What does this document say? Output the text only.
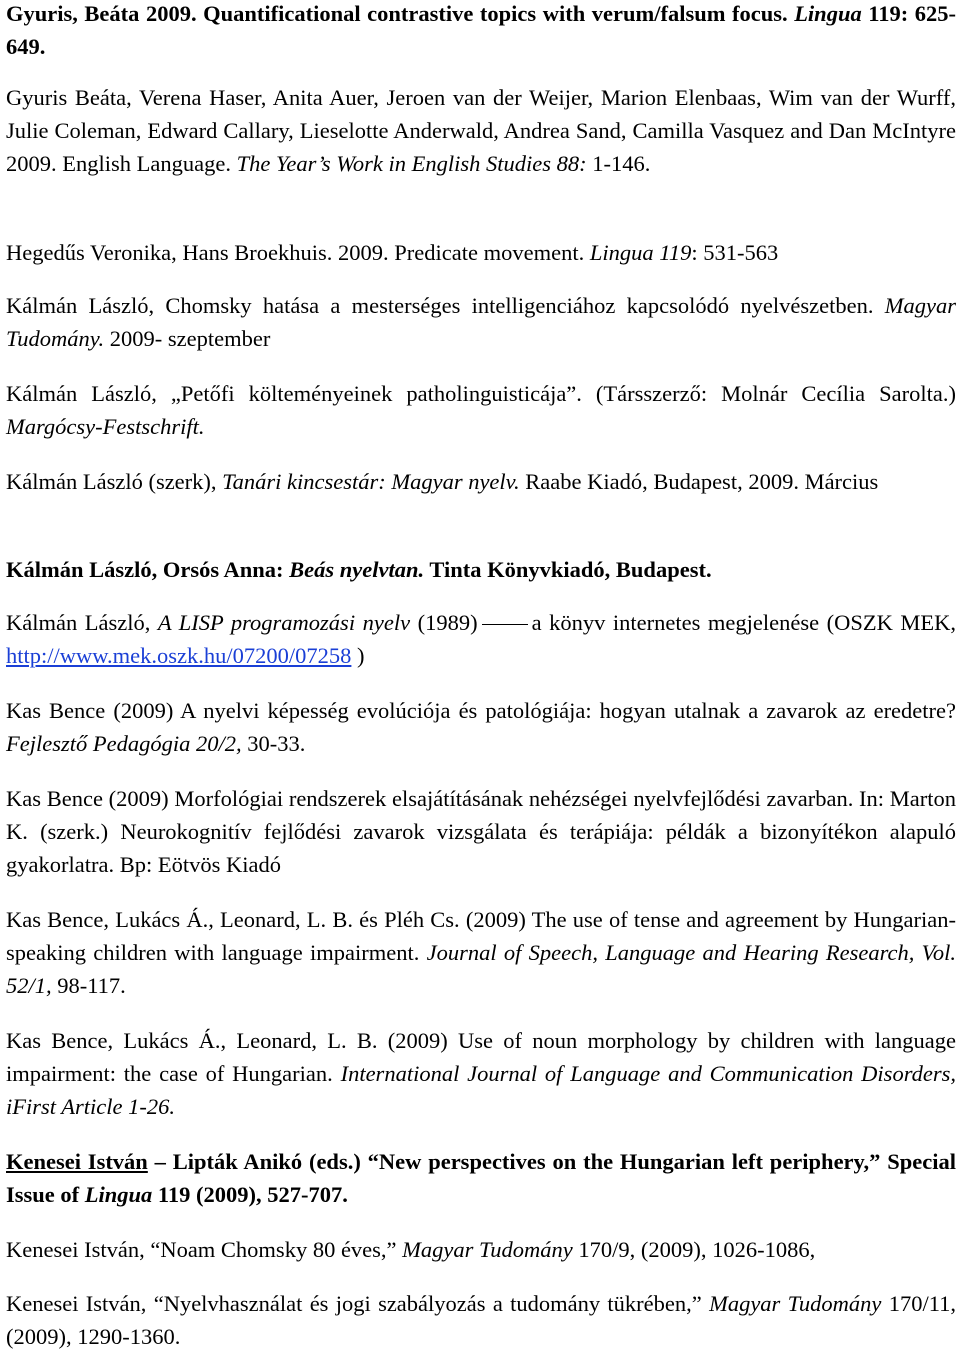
Gyuris, Beáta 2009. Quantificational contrastive topics with verum/falsum focus. Lingua 119: 625-649.

Gyuris Beáta, Verena Haser, Anita Auer, Jeroen van der Weijer, Marion Elenbaas, Wim van der Wurff, Julie Coleman, Edward Callary, Lieselotte Anderwald, Andrea Sand, Camilla Vasquez and Dan McIntyre 2009. English Language. The Year’s Work in English Studies 88: 1-146.

Hegedűs Veronika, Hans Broekhuis. 2009. Predicate movement. Lingua 119: 531-563

Kálmán László, Chomsky hatása a mesterséges intelligenciához kapcsolódó nyelvészetben. Magyar Tudomány. 2009- szeptember

Kálmán László, „Petőfi költeményeinek patholinguisticája”. (Társszerző: Molnár Cecília Sarolta.) Margócsy-Festschrift.

Kálmán László (szerk), Tanári kincsestár: Magyar nyelv. Raabe Kiadó, Budapest, 2009. Március

Kálmán László, Orsós Anna: Beás nyelvtan. Tinta Könyvkiadó, Budapest.

Kálmán László, A LISP programozási nyelv (1989) a könyv internetes megjelenése (OSZK MEK, http://www.mek.oszk.hu/07200/07258 )

Kas Bence (2009) A nyelvi képesség evolúciója és patológiája: hogyan utalnak a zavarok az eredetre? Fejlesztő Pedagógia 20/2, 30-33.

Kas Bence (2009) Morfológiai rendszerek elsajátításának nehézségei nyelvfejlődési zavarban. In: Marton K. (szerk.) Neurokognitív fejlődési zavarok vizsgálata és terápiája: példák a bizonyítékon alapuló gyakorlatra. Bp: Eötvös Kiadó

Kas Bence, Lukács Á., Leonard, L. B. és Pléh Cs. (2009) The use of tense and agreement by Hungarian-speaking children with language impairment. Journal of Speech, Language and Hearing Research, Vol. 52/1, 98-117.

Kas Bence, Lukács Á., Leonard, L. B. (2009) Use of noun morphology by children with language impairment: the case of Hungarian. International Journal of Language and Communication Disorders, iFirst Article 1-26.

Kenesei István – Lipták Anikó (eds.) “New perspectives on the Hungarian left periphery,” Special Issue of Lingua 119 (2009), 527-707.

Kenesei István, “Noam Chomsky 80 éves,” Magyar Tudomány 170/9, (2009), 1026-1086,

Kenesei István, “Nyelvhasználat és jogi szabályozás a tudomány tükrében,” Magyar Tudomány 170/11, (2009), 1290-1360.
